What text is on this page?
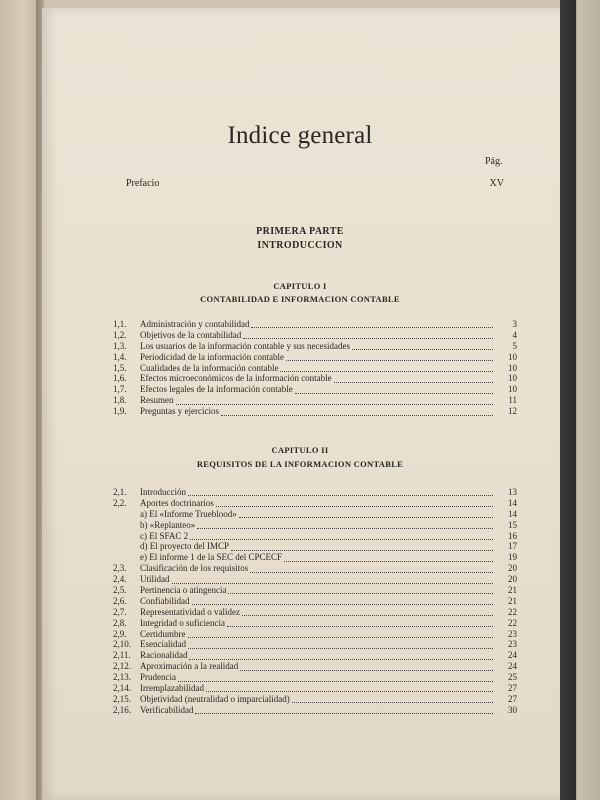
Indice general
Pág.
Prefacio	XV
PRIMERA PARTE
INTRODUCCION
CAPITULO I
CONTABILIDAD E INFORMACION CONTABLE
1,1.	Administración y contabilidad	3
1,2.	Objetivos de la contabilidad	4
1,3.	Los usuarios de la información contable y sus necesidades	5
1,4.	Periodicidad de la información contable	10
1,5.	Cualidades de la información contable	10
1,6.	Efectos microeconómicos de la información contable	10
1,7.	Efectos legales de la información contable	10
1,8.	Resumen	11
1,9.	Preguntas y ejercicios	12
CAPITULO II
REQUISITOS DE LA INFORMACION CONTABLE
2,1.	Introducción	13
2,2.	Aportes doctrinarios	14
a) El «Informe Trueblood»	14
b) «Replanteo»	15
c) El SFAC 2	16
d) El proyecto del IMCP	17
e) El informe 1 de la SEC del CPCECF	19
2,3.	Clasificación de los requisitos	20
2,4.	Utilidad	20
2,5.	Pertinencia o atingencia	21
2,6.	Confiabilidad	21
2,7.	Representatividad o validez	22
2,8.	Integridad o suficiencia	22
2,9.	Certidumbre	23
2,10.	Esencialidad	23
2,11.	Racionalidad	24
2,12.	Aproximación a la realidad	24
2,13.	Prudencia	25
2,14.	Irremplazabilidad	27
2,15.	Objetividad (neutralidad o imparcialidad)	27
2,16.	Verificabilidad	30
